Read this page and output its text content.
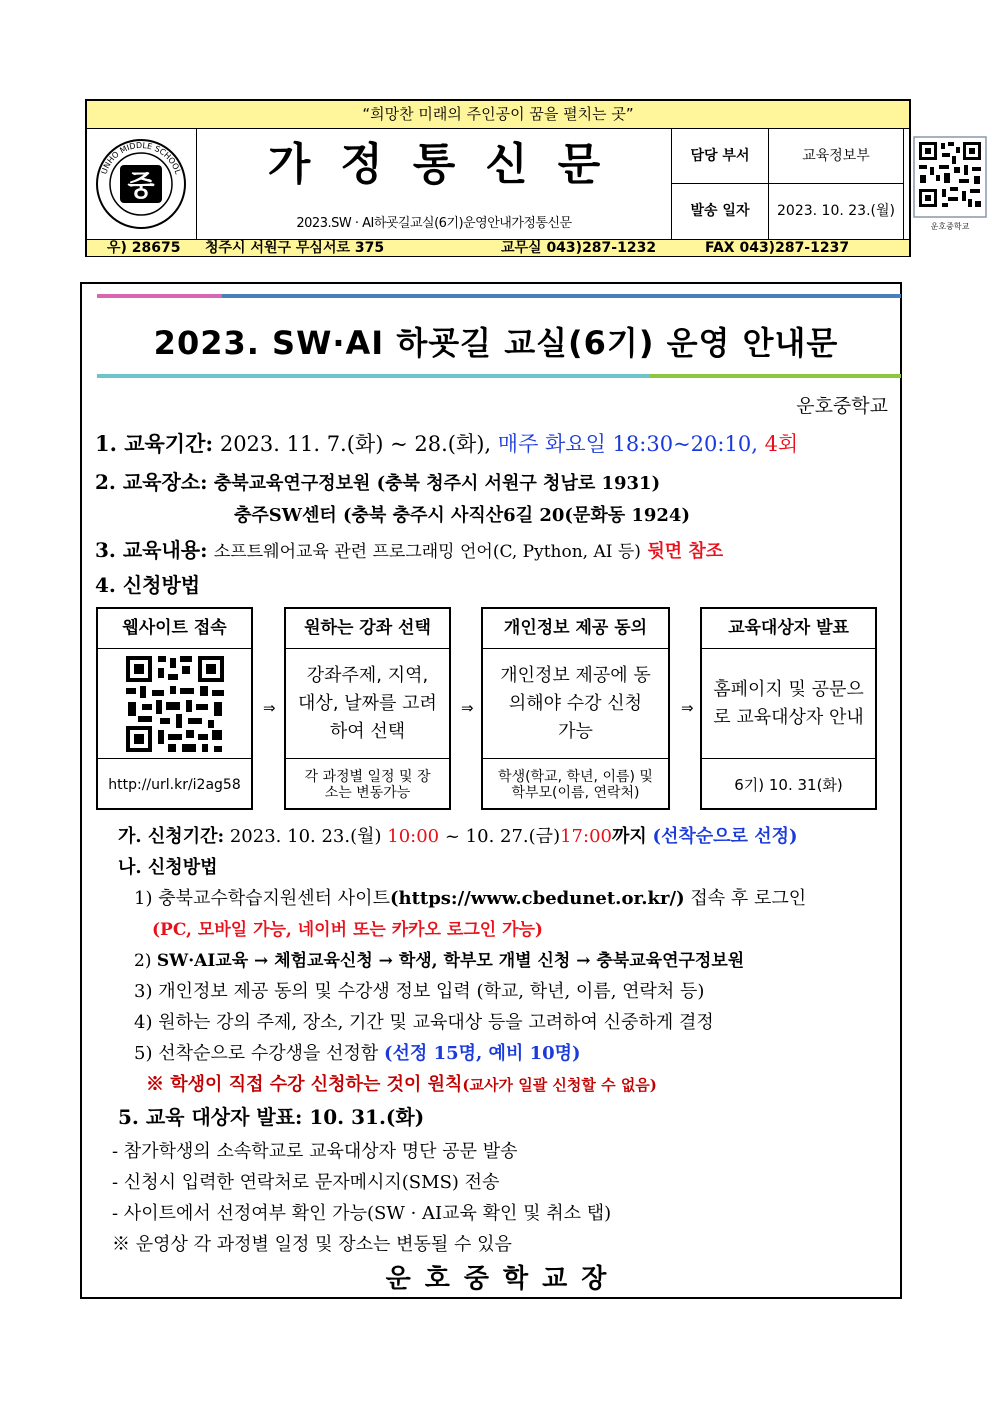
“희망찬 미래의 주인공이 꿈을 펼치는 곳”
UNHO MIDDLE SCHOOL
중	가정통신문
2023.SW · AI하굣길교실(6기)운영안내가정통신문
담당 부서	교육정보부
발송 일자	2023. 10. 23.(월)
운호중학교
우) 28675 청주시 서원구 무심서로 375	교무실 043)287-1232	FAX 043)287-1237
2023. SW·AI 하굣길 교실(6기) 운영 안내문
운호중학교
1. 교육기간: 2023. 11. 7.(화) ~ 28.(화), 매주 화요일 18:30~20:10, 4회
2. 교육장소: 충북교육연구정보원 (충북 청주시 서원구 청남로 1931)
충주SW센터 (충북 충주시 사직산6길 20(문화동 1924)
3. 교육내용: 소프트웨어교육 관련 프로그래밍 언어(C, Python, AI 등) 뒷면 참조
4. 신청방법
웹사이트 접속
http://url.kr/i2ag58
⇒
원하는 강좌 선택
강좌주제, 지역, 대상, 날짜를 고려하여 선택
각 과정별 일정 및 장소는 변동가능
⇒
개인정보 제공 동의
개인정보 제공에 동의해야 수강 신청 가능
학생(학교, 학년, 이름) 및 학부모(이름, 연락처)
⇒
교육대상자 발표
홈페이지 및 공문으로 교육대상자 안내
6기) 10. 31(화)
가. 신청기간: 2023. 10. 23.(월) 10:00 ~ 10. 27.(금)17:00까지 (선착순으로 선정)
나. 신청방법
1) 충북교수학습지원센터 사이트(https://www.cbedunet.or.kr/) 접속 후 로그인
(PC, 모바일 가능, 네이버 또는 카카오 로그인 가능)
2) SW·AI교육 → 체험교육신청 → 학생, 학부모 개별 신청 → 충북교육연구정보원
3) 개인정보 제공 동의 및 수강생 정보 입력 (학교, 학년, 이름, 연락처 등)
4) 원하는 강의 주제, 장소, 기간 및 교육대상 등을 고려하여 신중하게 결정
5) 선착순으로 수강생을 선정함 (선정 15명, 예비 10명)
※ 학생이 직접 수강 신청하는 것이 원칙(교사가 일괄 신청할 수 없음)
5. 교육 대상자 발표: 10. 31.(화)
- 참가학생의 소속학교로 교육대상자 명단 공문 발송
- 신청시 입력한 연락처로 문자메시지(SMS) 전송
- 사이트에서 선정여부 확인 가능(SW · AI교육 확인 및 취소 탭)
※ 운영상 각 과정별 일정 및 장소는 변동될 수 있음
운호중학교장
